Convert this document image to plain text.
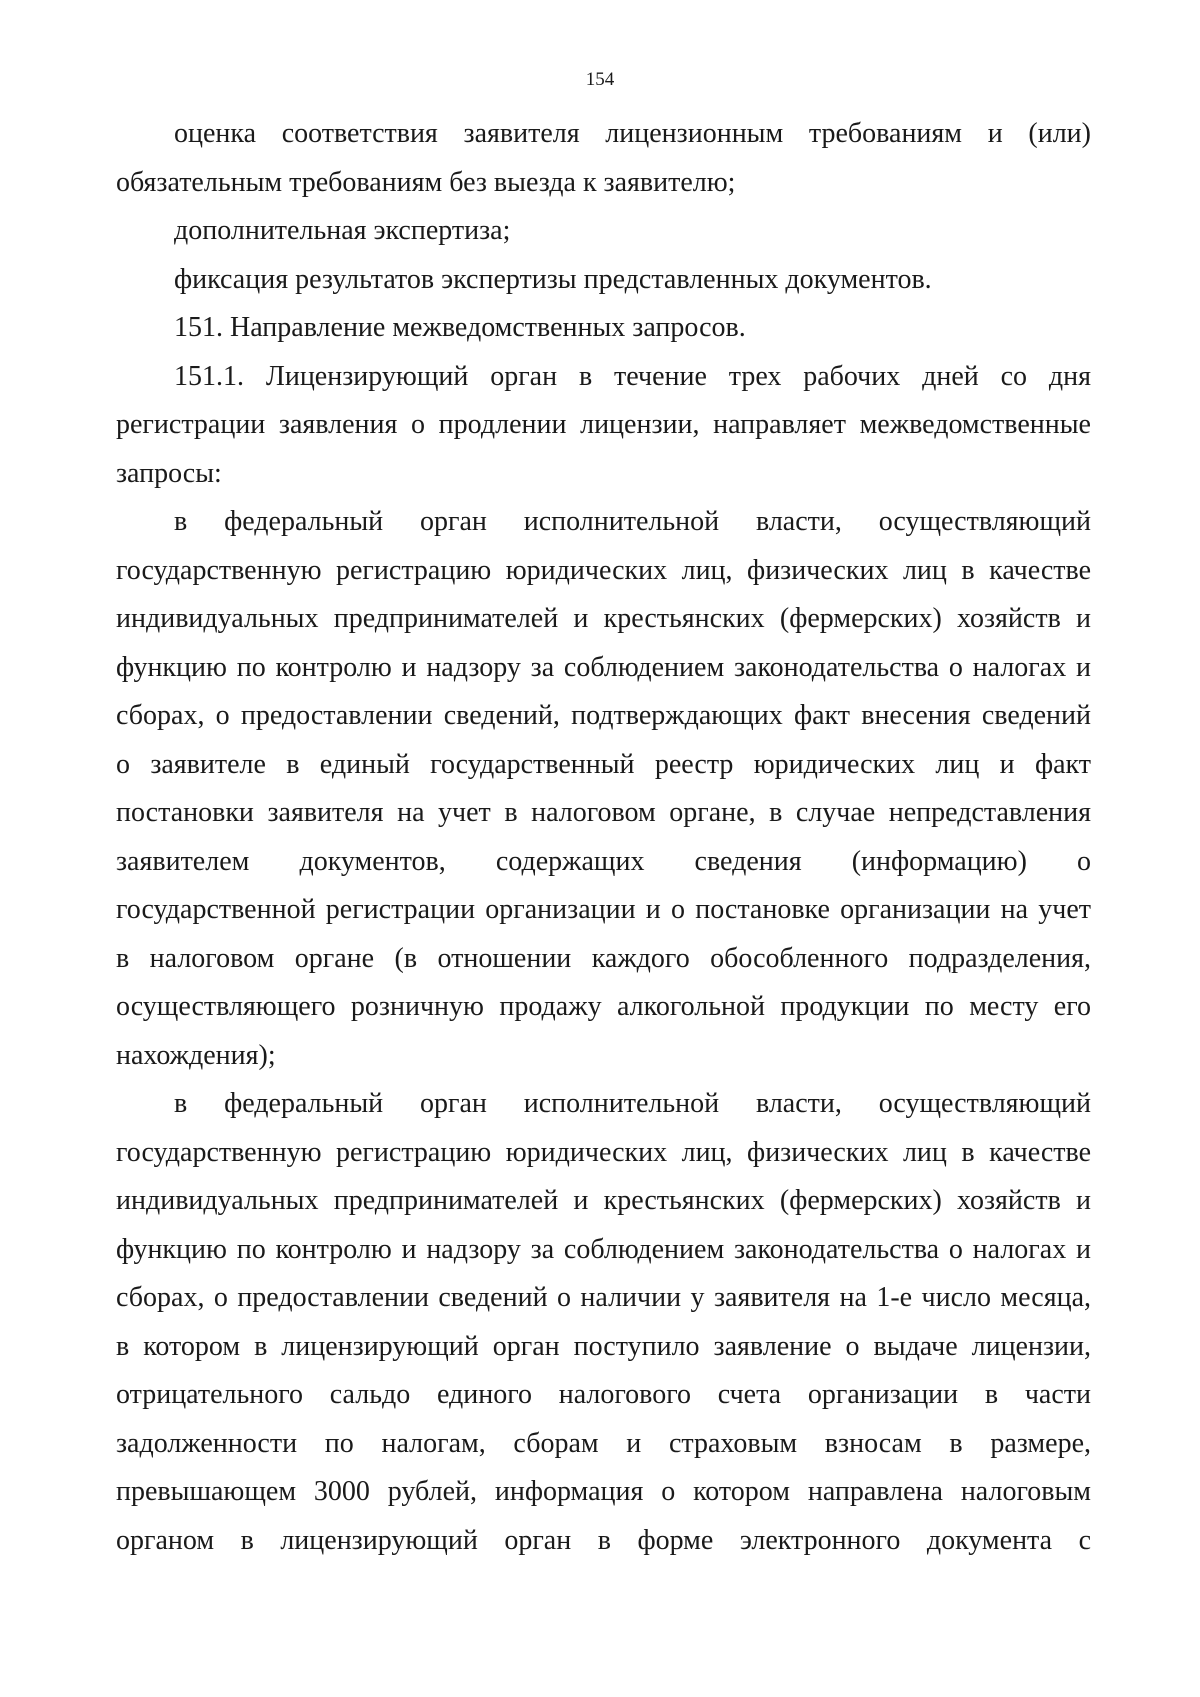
154
оценка соответствия заявителя лицензионным требованиям и (или)
обязательным требованиям без выезда к заявителю;
дополнительная экспертиза;
фиксация результатов экспертизы представленных документов.
151. Направление межведомственных запросов.
151.1. Лицензирующий орган в течение трех рабочих дней со дня
регистрации заявления о продлении лицензии, направляет межведомственные
запросы:
в федеральный орган исполнительной власти, осуществляющий
государственную регистрацию юридических лиц, физических лиц в качестве
индивидуальных предпринимателей и крестьянских (фермерских) хозяйств и
функцию по контролю и надзору за соблюдением законодательства о налогах и
сборах, о предоставлении сведений, подтверждающих факт внесения сведений
о заявителе в единый государственный реестр юридических лиц и факт
постановки заявителя на учет в налоговом органе, в случае непредставления
заявителем документов, содержащих сведения (информацию) о
государственной регистрации организации и о постановке организации на учет
в налоговом органе (в отношении каждого обособленного подразделения,
осуществляющего розничную продажу алкогольной продукции по месту его
нахождения);
в федеральный орган исполнительной власти, осуществляющий
государственную регистрацию юридических лиц, физических лиц в качестве
индивидуальных предпринимателей и крестьянских (фермерских) хозяйств и
функцию по контролю и надзору за соблюдением законодательства о налогах и
сборах, о предоставлении сведений о наличии у заявителя на 1-е число месяца,
в котором в лицензирующий орган поступило заявление о выдаче лицензии,
отрицательного сальдо единого налогового счета организации в части
задолженности по налогам, сборам и страховым взносам в размере,
превышающем 3000 рублей, информация о котором направлена налоговым
органом в лицензирующий орган в форме электронного документа с
